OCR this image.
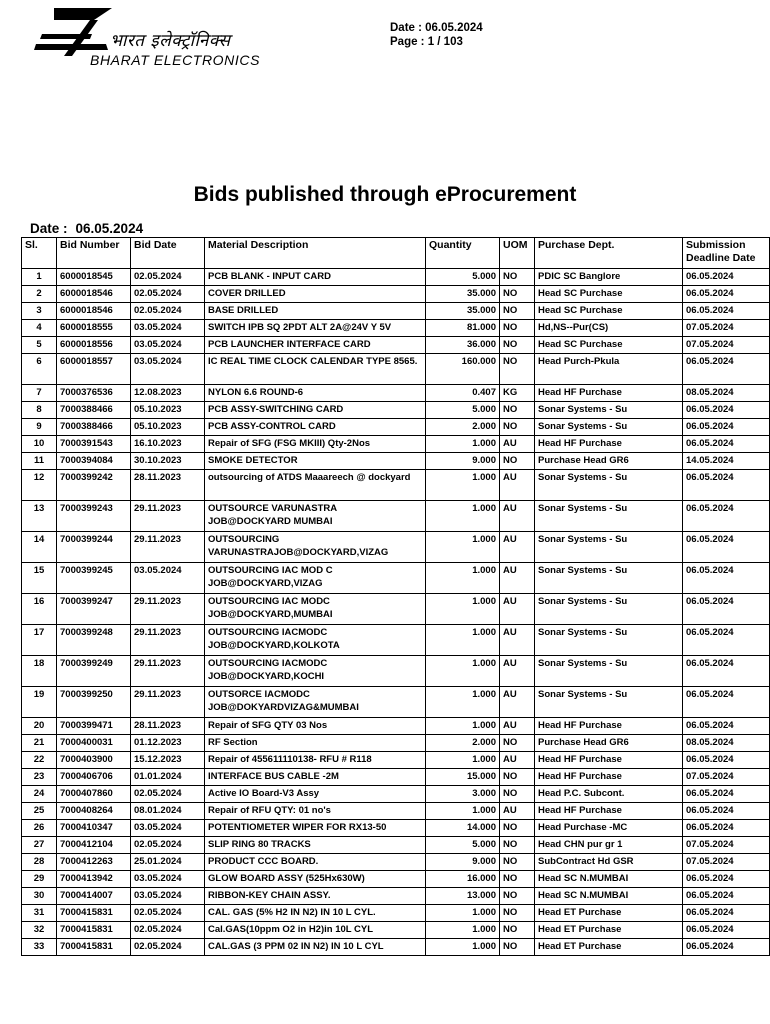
भारत इलेक्ट्रॉनिक्स
BHARAT ELECTRONICS
Date : 06.05.2024
Page : 1 / 103
Bids published through eProcurement
Date : 06.05.2024
Sl.	Bid Number	Bid Date	Material Description	Quantity	UOM	Purchase Dept.	Submission Deadline Date
1	6000018545	02.05.2024	PCB BLANK - INPUT CARD	5.000	NO	PDIC SC Banglore	06.05.2024
2	6000018546	02.05.2024	COVER DRILLED	35.000	NO	Head SC Purchase	06.05.2024
3	6000018546	02.05.2024	BASE DRILLED	35.000	NO	Head SC Purchase	06.05.2024
4	6000018555	03.05.2024	SWITCH IPB SQ 2PDT ALT 2A@24V Y 5V	81.000	NO	Hd,NS--Pur(CS)	07.05.2024
5	6000018556	03.05.2024	PCB LAUNCHER INTERFACE CARD	36.000	NO	Head SC Purchase	07.05.2024
6	6000018557	03.05.2024	IC REAL TIME CLOCK CALENDAR TYPE 8565.	160.000	NO	Head Purch-Pkula	06.05.2024
7	7000376536	12.08.2023	NYLON 6.6 ROUND-6	0.407	KG	Head HF Purchase	08.05.2024
8	7000388466	05.10.2023	PCB ASSY-SWITCHING CARD	5.000	NO	Sonar Systems - Su	06.05.2024
9	7000388466	05.10.2023	PCB ASSY-CONTROL CARD	2.000	NO	Sonar Systems - Su	06.05.2024
10	7000391543	16.10.2023	Repair of SFG (FSG MKIII) Qty-2Nos	1.000	AU	Head HF Purchase	06.05.2024
11	7000394084	30.10.2023	SMOKE DETECTOR	9.000	NO	Purchase Head GR6	14.05.2024
12	7000399242	28.11.2023	outsourcing of ATDS Maaareech @ dockyard	1.000	AU	Sonar Systems - Su	06.05.2024
13	7000399243	29.11.2023	OUTSOURCE VARUNASTRA JOB@DOCKYARD MUMBAI	1.000	AU	Sonar Systems - Su	06.05.2024
14	7000399244	29.11.2023	OUTSOURCING VARUNASTRAJOB@DOCKYARD,VIZAG	1.000	AU	Sonar Systems - Su	06.05.2024
15	7000399245	03.05.2024	OUTSOURCING IAC MOD C JOB@DOCKYARD,VIZAG	1.000	AU	Sonar Systems - Su	06.05.2024
16	7000399247	29.11.2023	OUTSOURCING IAC MODC JOB@DOCKYARD,MUMBAI	1.000	AU	Sonar Systems - Su	06.05.2024
17	7000399248	29.11.2023	OUTSOURCING IACMODC JOB@DOCKYARD,KOLKOTA	1.000	AU	Sonar Systems - Su	06.05.2024
18	7000399249	29.11.2023	OUTSOURCING IACMODC JOB@DOCKYARD,KOCHI	1.000	AU	Sonar Systems - Su	06.05.2024
19	7000399250	29.11.2023	OUTSORCE IACMODC JOB@DOKYARDVIZAG&MUMBAI	1.000	AU	Sonar Systems - Su	06.05.2024
20	7000399471	28.11.2023	Repair of SFG QTY 03 Nos	1.000	AU	Head HF Purchase	06.05.2024
21	7000400031	01.12.2023	RF Section	2.000	NO	Purchase Head GR6	08.05.2024
22	7000403900	15.12.2023	Repair of 455611110138- RFU # R118	1.000	AU	Head HF Purchase	06.05.2024
23	7000406706	01.01.2024	INTERFACE BUS CABLE -2M	15.000	NO	Head HF Purchase	07.05.2024
24	7000407860	02.05.2024	Active IO Board-V3 Assy	3.000	NO	Head P.C. Subcont.	06.05.2024
25	7000408264	08.01.2024	Repair of RFU QTY: 01 no's	1.000	AU	Head HF Purchase	06.05.2024
26	7000410347	03.05.2024	POTENTIOMETER WIPER FOR RX13-50	14.000	NO	Head Purchase -MC	06.05.2024
27	7000412104	02.05.2024	SLIP RING 80 TRACKS	5.000	NO	Head CHN pur gr 1	07.05.2024
28	7000412263	25.01.2024	PRODUCT CCC BOARD.	9.000	NO	SubContract Hd GSR	07.05.2024
29	7000413942	03.05.2024	GLOW BOARD ASSY (525Hx630W)	16.000	NO	Head SC N.MUMBAI	06.05.2024
30	7000414007	03.05.2024	RIBBON-KEY CHAIN ASSY.	13.000	NO	Head SC N.MUMBAI	06.05.2024
31	7000415831	02.05.2024	CAL. GAS (5% H2 IN N2) IN 10 L CYL.	1.000	NO	Head ET Purchase	06.05.2024
32	7000415831	02.05.2024	Cal.GAS(10ppm O2 in H2)in 10L CYL	1.000	NO	Head ET Purchase	06.05.2024
33	7000415831	02.05.2024	CAL.GAS (3 PPM 02 IN N2) IN 10 L CYL	1.000	NO	Head ET Purchase	06.05.2024
